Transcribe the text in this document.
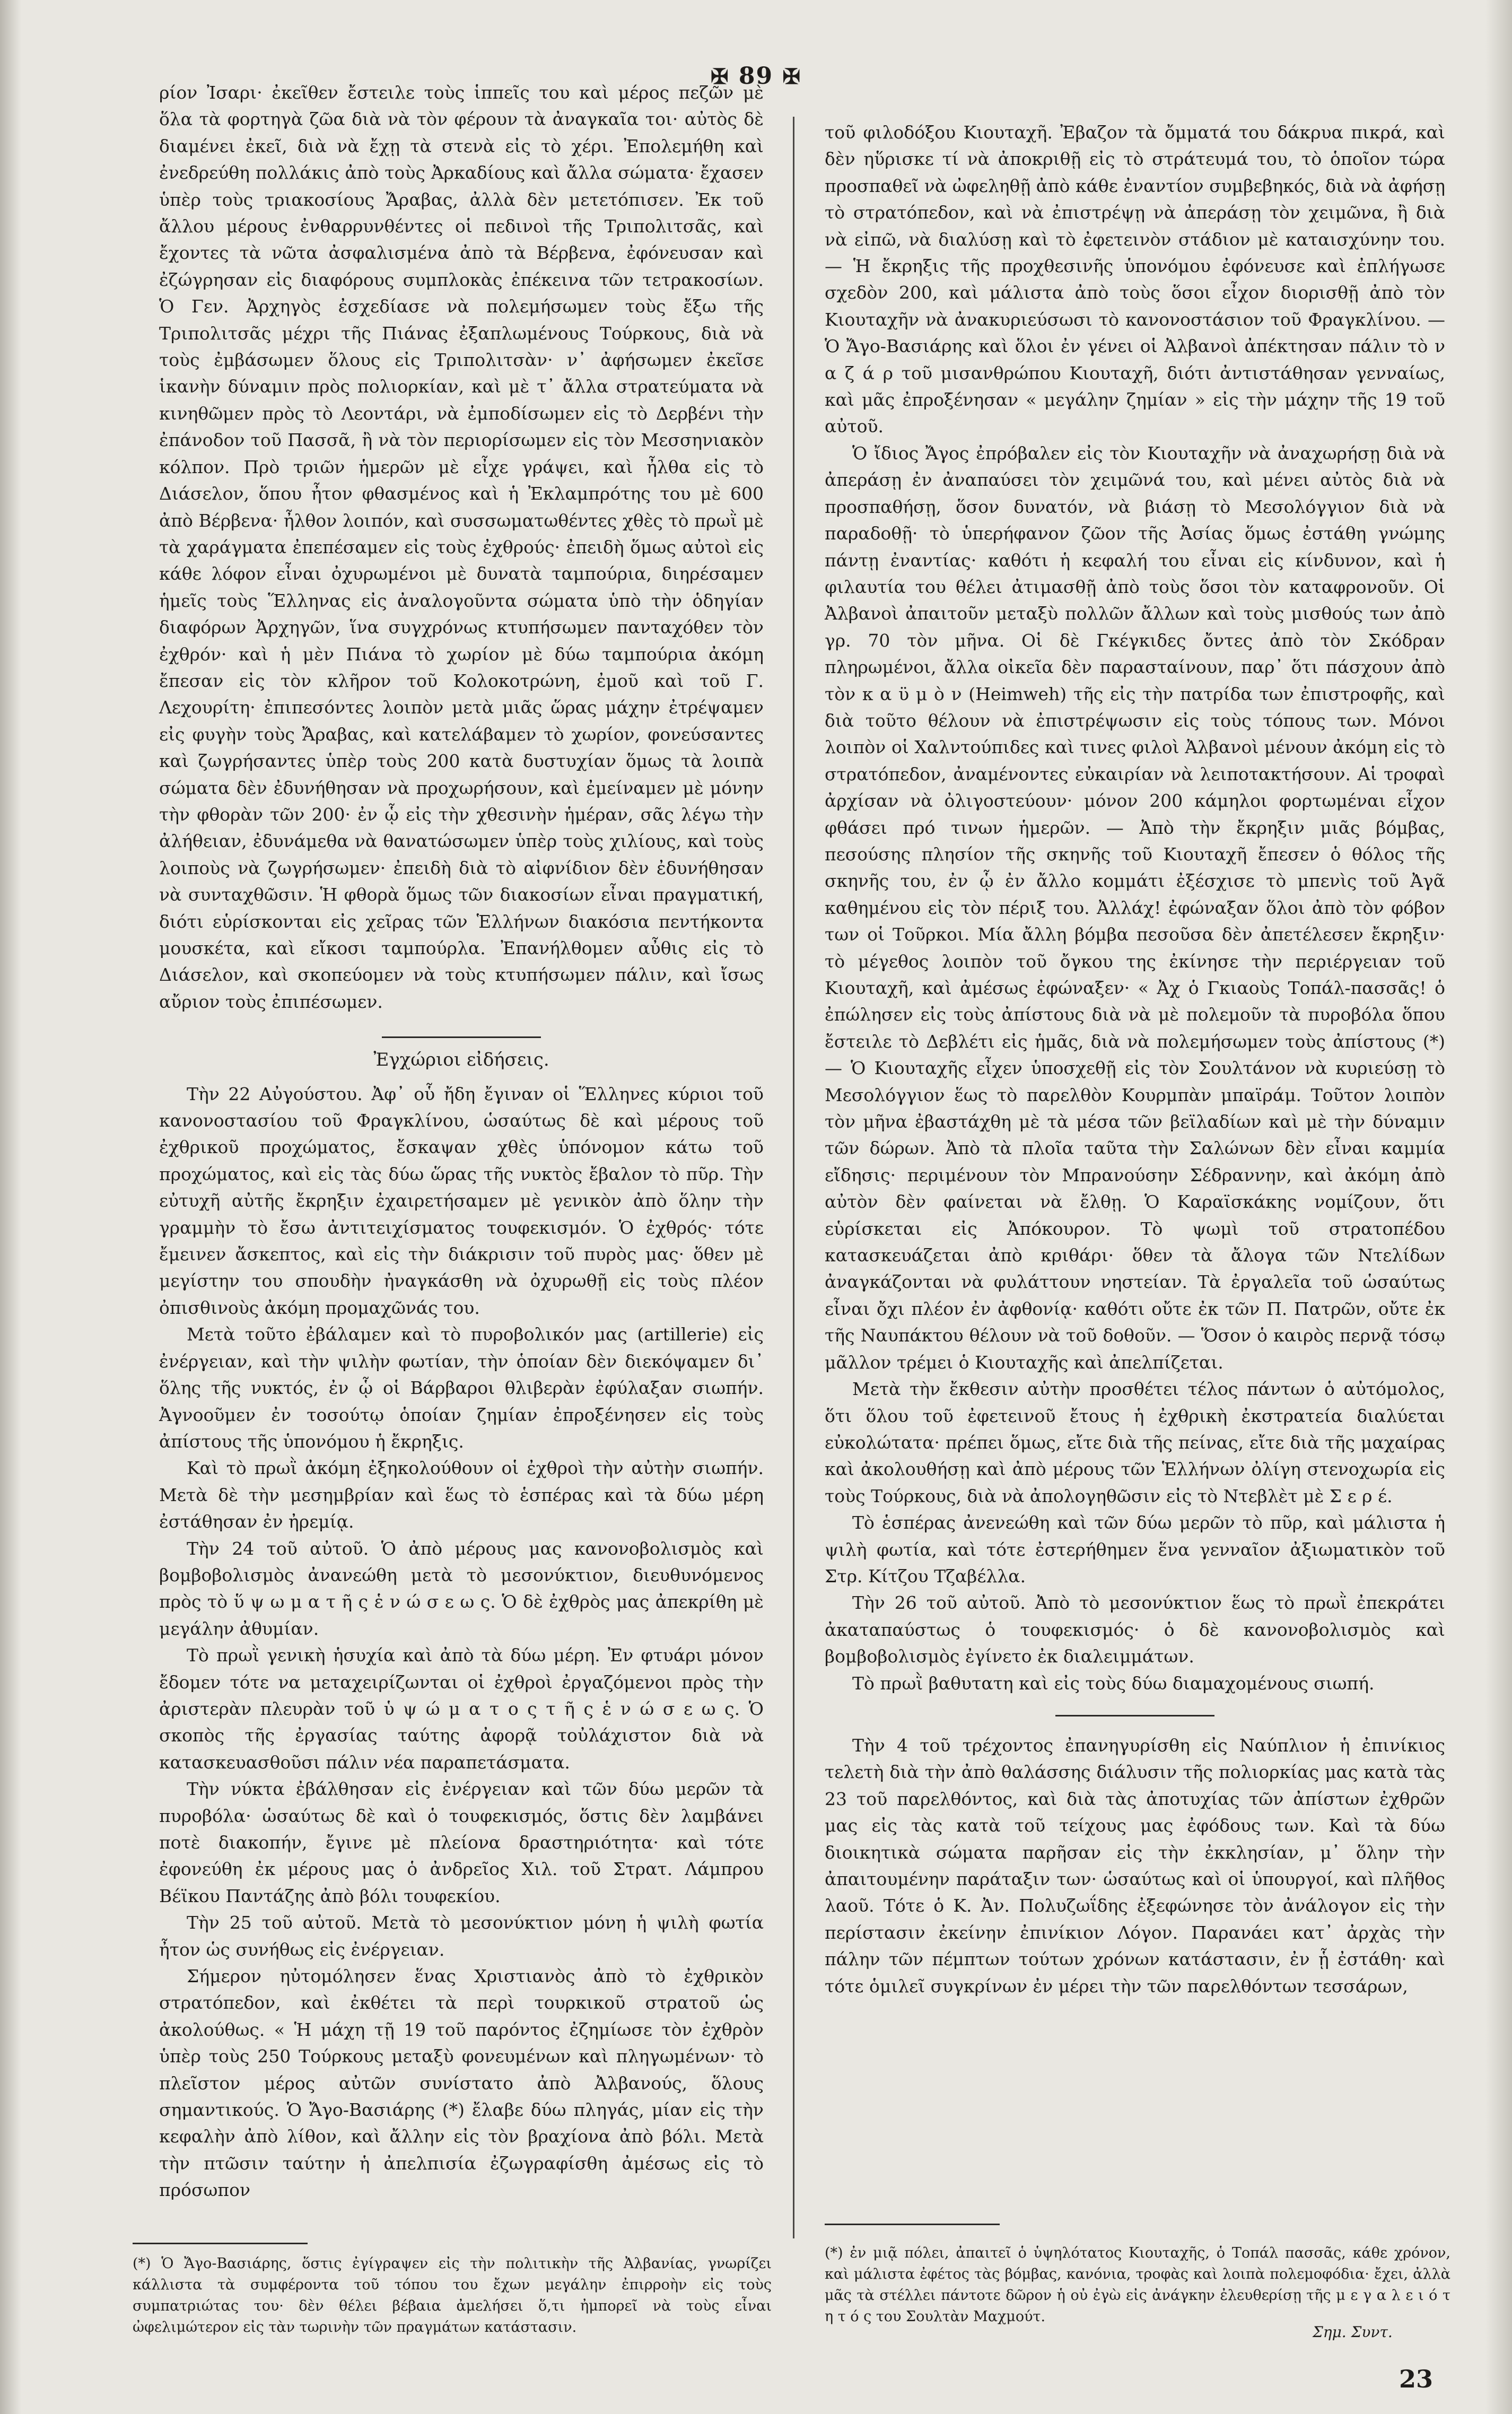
✠ 89 ✠

ρίον Ἰσαρι· ἐκεῖθεν ἔστειλε τοὺς ἱππεῖς του καὶ μέρος πεζῶν μὲ ὅλα τὰ φορτηγὰ ζῶα διὰ νὰ τὸν φέρουν τὰ ἀναγκαῖα τοι· αὐτὸς δὲ διαμένει ἐκεῖ, διὰ νὰ ἔχῃ τὰ στενὰ εἰς τὸ χέρι. Ἐπολεμήθη καὶ ἐνεδρεύθη πολλάκις ἀπὸ τοὺς Ἀρκαδίους καὶ ἄλλα σώματα· ἔχασεν ὑπὲρ τοὺς τριακοσίους Ἄραβας, ἀλλὰ δὲν μετετόπισεν. Ἐκ τοῦ ἄλλου μέρους ἐνθαρρυνθέντες οἱ πεδινοὶ τῆς Τριπολιτσᾶς, καὶ ἔχοντες τὰ νῶτα ἀσφαλισμένα ἀπὸ τὰ Βέρβενα, ἐφόνευσαν καὶ ἐζώγρησαν εἰς διαφόρους συμπλοκὰς ἐπέκεινα τῶν τετρακοσίων. Ὁ Γεν. Ἀρχηγὸς ἐσχεδίασε νὰ πολεμήσωμεν τοὺς ἔξω τῆς Τριπολιτσᾶς μέχρι τῆς Πιάνας ἐξαπλωμένους Τούρκους, διὰ νὰ τοὺς ἐμβάσωμεν ὅλους εἰς Τριπολιτσὰν· ν᾽ ἀφήσωμεν ἐκεῖσε ἱκανὴν δύναμιν πρὸς πολιορκίαν, καὶ μὲ τ᾽ ἄλλα στρατεύματα νὰ κινηθῶμεν πρὸς τὸ Λεοντάρι, νὰ ἐμποδίσωμεν εἰς τὸ Δερβένι τὴν ἐπάνοδον τοῦ Πασσᾶ, ἢ νὰ τὸν περιορίσωμεν εἰς τὸν Μεσσηνιακὸν κόλπον. Πρὸ τριῶν ἡμερῶν μὲ εἶχε γράψει, καὶ ἦλθα εἰς τὸ Διάσελον, ὅπου ἦτον φθασμένος καὶ ἡ Ἐκλαμπρότης του μὲ 600 ἀπὸ Βέρβενα· ἦλθον λοιπόν, καὶ συσσωματωθέντες χθὲς τὸ πρωῒ μὲ τὰ χαράγματα ἐπεπέσαμεν εἰς τοὺς ἐχθρούς· ἐπειδὴ ὅμως αὐτοὶ εἰς κάθε λόφον εἶναι ὀχυρωμένοι μὲ δυνατὰ ταμπούρια, διηρέσαμεν ἡμεῖς τοὺς Ἕλληνας εἰς ἀναλογοῦντα σώματα ὑπὸ τὴν ὁδηγίαν διαφόρων Ἀρχηγῶν, ἵνα συγχρόνως κτυπήσωμεν πανταχόθεν τὸν ἐχθρόν· καὶ ἡ μὲν Πιάνα τὸ χωρίον μὲ δύω ταμπούρια ἀκόμη ἔπεσαν εἰς τὸν κλῆρον τοῦ Κολοκοτρώνη, ἐμοῦ καὶ τοῦ Γ. Λεχουρίτη· ἐπιπεσόντες λοιπὸν μετὰ μιᾶς ὥρας μάχην ἐτρέψαμεν εἰς φυγὴν τοὺς Ἄραβας, καὶ κατελάβαμεν τὸ χωρίον, φονεύσαντες καὶ ζωγρήσαντες ὑπὲρ τοὺς 200 κατὰ δυστυχίαν ὅμως τὰ λοιπὰ σώματα δὲν ἐδυνήθησαν νὰ προχωρήσουν, καὶ ἐμείναμεν μὲ μόνην τὴν φθορὰν τῶν 200· ἐν ᾧ εἰς τὴν χθεσινὴν ἡμέραν, σᾶς λέγω τὴν ἀλήθειαν, ἐδυνάμεθα νὰ θανατώσωμεν ὑπὲρ τοὺς χιλίους, καὶ τοὺς λοιποὺς νὰ ζωγρήσωμεν· ἐπειδὴ διὰ τὸ αἰφνίδιον δὲν ἐδυνήθησαν νὰ συνταχθῶσιν. Ἡ φθορὰ ὅμως τῶν διακοσίων εἶναι πραγματική, διότι εὑρίσκονται εἰς χεῖρας τῶν Ἑλλήνων διακόσια πεντήκοντα μουσκέτα, καὶ εἴκοσι ταμπούρλα. Ἐπανήλθομεν αὖθις εἰς τὸ Διάσελον, καὶ σκοπεύομεν νὰ τοὺς κτυπήσωμεν πάλιν, καὶ ἴσως αὔριον τοὺς ἐπιπέσωμεν.

Ἐγχώριοι εἰδήσεις.

Τὴν 22 Αὐγούστου. Ἀφ᾽ οὗ ἤδη ἔγιναν οἱ Ἕλληνες κύριοι τοῦ κανονοστασίου τοῦ Φραγκλίνου, ὡσαύτως δὲ καὶ μέρους τοῦ ἐχθρικοῦ προχώματος, ἔσκαψαν χθὲς ὑπόνομον κάτω τοῦ προχώματος, καὶ εἰς τὰς δύω ὥρας τῆς νυκτὸς ἔβαλον τὸ πῦρ. Τὴν εὐτυχῆ αὐτῆς ἔκρηξιν ἐχαιρετήσαμεν μὲ γενικὸν ἀπὸ ὅλην τὴν γραμμὴν τὸ ἔσω ἀντιτειχίσματος τουφεκισμόν. Ὁ ἐχθρός· τότε ἔμεινεν ἄσκεπτος, καὶ εἰς τὴν διάκρισιν τοῦ πυρὸς μας· ὅθεν μὲ μεγίστην του σπουδὴν ἠναγκάσθη νὰ ὀχυρωθῇ εἰς τοὺς πλέον ὀπισθινοὺς ἀκόμη προμαχῶνάς του.

Μετὰ τοῦτο ἐβάλαμεν καὶ τὸ πυροβολικόν μας (artillerie) εἰς ἐνέργειαν, καὶ τὴν ψιλὴν φωτίαν, τὴν ὁποίαν δὲν διεκόψαμεν δι᾽ ὅλης τῆς νυκτός, ἐν ᾧ οἱ Βάρβαροι θλιβερὰν ἐφύλαξαν σιωπήν. Ἀγνοοῦμεν ἐν τοσούτῳ ὁποίαν ζημίαν ἐπροξένησεν εἰς τοὺς ἀπίστους τῆς ὑπονόμου ἡ ἔκρηξις.

Καὶ τὸ πρωῒ ἀκόμη ἐξηκολούθουν οἱ ἐχθροὶ τὴν αὐτὴν σιωπήν. Μετὰ δὲ τὴν μεσημβρίαν καὶ ἕως τὸ ἑσπέρας καὶ τὰ δύω μέρη ἐστάθησαν ἐν ἠρεμίᾳ.

Τὴν 24 τοῦ αὐτοῦ. Ὁ ἀπὸ μέρους μας κανονοβολισμὸς καὶ βομβοβολισμὸς ἀνανεώθη μετὰ τὸ μεσονύκτιον, διευθυνόμενος πρὸς τὸ ὕ ψ ω μ α τ ῆ ς ἑ ν ώ σ ε ω ς. Ὁ δὲ ἐχθρὸς μας ἀπεκρίθη μὲ μεγάλην ἀθυμίαν.

Τὸ πρωῒ γενικὴ ἡσυχία καὶ ἀπὸ τὰ δύω μέρη. Ἐν φτυάρι μόνον ἔδομεν τότε να μεταχειρίζωνται οἱ ἐχθροὶ ἐργαζόμενοι πρὸς τὴν ἀριστερὰν πλευρὰν τοῦ ὑ ψ ώ μ α τ ο ς τ ῆ ς ἑ ν ώ σ ε ω ς. Ὁ σκοπὸς τῆς ἐργασίας ταύτης ἀφορᾷ τοὐλάχιστον διὰ νὰ κατασκευασθοῦσι πάλιν νέα παραπετάσματα.

Τὴν νύκτα ἐβάλθησαν εἰς ἐνέργειαν καὶ τῶν δύω μερῶν τὰ πυροβόλα· ὡσαύτως δὲ καὶ ὁ τουφεκισμός, ὅστις δὲν λαμβάνει ποτὲ διακοπήν, ἔγινε μὲ πλείονα δραστηριότητα· καὶ τότε ἐφονεύθη ἐκ μέρους μας ὁ ἀνδρεῖος Χιλ. τοῦ Στρατ. Λάμπρου Βέϊκου Παντάζης ἀπὸ βόλι τουφεκίου.

Τὴν 25 τοῦ αὐτοῦ. Μετὰ τὸ μεσονύκτιον μόνη ἡ ψιλὴ φωτία ἦτον ὡς συνήθως εἰς ἐνέργειαν.

Σήμερον ηὐτομόλησεν ἕνας Χριστιανὸς ἀπὸ τὸ ἐχθρικὸν στρατόπεδον, καὶ ἐκθέτει τὰ περὶ τουρκικοῦ στρατοῦ ὡς ἀκολούθως. « Ἡ μάχη τῇ 19 τοῦ παρόντος ἐζημίωσε τὸν ἐχθρὸν ὑπὲρ τοὺς 250 Τούρκους μεταξὺ φονευμένων καὶ πληγωμένων· τὸ πλεῖστον μέρος αὐτῶν συνίστατο ἀπὸ Ἀλβανούς, ὅλους σημαντικούς. Ὁ Ἄγο-Βασιάρης (*) ἔλαβε δύω πληγάς, μίαν εἰς τὴν κεφαλὴν ἀπὸ λίθον, καὶ ἄλλην εἰς τὸν βραχίονα ἀπὸ βόλι. Μετὰ τὴν πτῶσιν ταύτην ἡ ἀπελπισία ἐζωγραφίσθη ἀμέσως εἰς τὸ πρόσωπον

τοῦ φιλοδόξου Κιουταχῆ. Ἐβαζον τὰ ὄμματά του δάκρυα πικρά, καὶ δὲν ηὕρισκε τί νὰ ἀποκριθῇ εἰς τὸ στράτευμά του, τὸ ὁποῖον τώρα προσπαθεῖ νὰ ὠφεληθῇ ἀπὸ κάθε ἐναντίον συμβεβηκός, διὰ νὰ ἀφήσῃ τὸ στρατόπεδον, καὶ νὰ ἐπιστρέψῃ νὰ ἀπεράσῃ τὸν χειμῶνα, ἢ διὰ νὰ εἰπῶ, νὰ διαλύσῃ καὶ τὸ ἐφετεινὸν στάδιον μὲ καταισχύνην του. — Ἡ ἔκρηξις τῆς προχθεσινῆς ὑπονόμου ἐφόνευσε καὶ ἐπλήγωσε σχεδὸν 200, καὶ μάλιστα ἀπὸ τοὺς ὅσοι εἶχον διορισθῇ ἀπὸ τὸν Κιουταχῆν νὰ ἀνακυριεύσωσι τὸ κανονοστάσιον τοῦ Φραγκλίνου. — Ὁ Ἄγο-Βασιάρης καὶ ὅλοι ἐν γένει οἱ Ἀλβανοὶ ἀπέκτησαν πάλιν τὸ ν α ζ ά ρ τοῦ μισανθρώπου Κιουταχῆ, διότι ἀντιστάθησαν γενναίως, καὶ μᾶς ἐπροξένησαν « μεγάλην ζημίαν » εἰς τὴν μάχην τῆς 19 τοῦ αὐτοῦ.

Ὁ ἴδιος Ἄγος ἐπρόβαλεν εἰς τὸν Κιουταχῆν νὰ ἀναχωρήσῃ διὰ νὰ ἀπεράσῃ ἐν ἀναπαύσει τὸν χειμῶνά του, καὶ μένει αὐτὸς διὰ νὰ προσπαθήσῃ, ὅσον δυνατόν, νὰ βιάσῃ τὸ Μεσολόγγιον διὰ νὰ παραδοθῇ· τὸ ὑπερήφανον ζῶον τῆς Ἀσίας ὅμως ἐστάθη γνώμης πάντῃ ἐναντίας· καθότι ἡ κεφαλή του εἶναι εἰς κίνδυνον, καὶ ἡ φιλαυτία του θέλει ἀτιμασθῇ ἀπὸ τοὺς ὅσοι τὸν καταφρονοῦν. Οἱ Ἀλβανοὶ ἀπαιτοῦν μεταξὺ πολλῶν ἄλλων καὶ τοὺς μισθούς των ἀπὸ γρ. 70 τὸν μῆνα. Οἱ δὲ Γκέγκιδες ὄντες ἀπὸ τὸν Σκόδραν πληρωμένοι, ἄλλα οἰκεῖα δὲν παρασταίνουν, παρ᾽ ὅτι πάσχουν ἀπὸ τὸν κ α ϋ μ ὸ ν (Heimweh) τῆς εἰς τὴν πατρίδα των ἐπιστροφῆς, καὶ διὰ τοῦτο θέλουν νὰ ἐπιστρέψωσιν εἰς τοὺς τόπους των. Μόνοι λοιπὸν οἱ Χαλντούπιδες καὶ τινες φιλοὶ Ἀλβανοὶ μένουν ἀκόμη εἰς τὸ στρατόπεδον, ἀναμένοντες εὐκαιρίαν νὰ λειποτακτήσουν. Αἱ τροφαὶ ἀρχίσαν νὰ ὀλιγοστεύουν· μόνον 200 κάμηλοι φορτωμέναι εἶχον φθάσει πρό τινων ἡμερῶν. — Ἀπὸ τὴν ἔκρηξιν μιᾶς βόμβας, πεσούσης πλησίον τῆς σκηνῆς τοῦ Κιουταχῆ ἔπεσεν ὁ θόλος τῆς σκηνῆς του, ἐν ᾧ ἐν ἄλλο κομμάτι ἐξέσχισε τὸ μπενὶς τοῦ Ἀγᾶ καθημένου εἰς τὸν πέριξ του. Ἀλλάχ! ἐφώναξαν ὅλοι ἀπὸ τὸν φόβον των οἱ Τοῦρκοι. Μία ἄλλη βόμβα πεσοῦσα δὲν ἀπετέλεσεν ἔκρηξιν· τὸ μέγεθος λοιπὸν τοῦ ὄγκου της ἐκίνησε τὴν περιέργειαν τοῦ Κιουταχῆ, καὶ ἀμέσως ἐφώναξεν· « Ἀχ ὁ Γκιαοὺς Τοπάλ-πασσᾶς! ὁ ἐπώλησεν εἰς τοὺς ἀπίστους διὰ νὰ μὲ πολεμοῦν τὰ πυροβόλα ὅπου ἔστειλε τὸ Δεβλέτι εἰς ἡμᾶς, διὰ νὰ πολεμήσωμεν τοὺς ἀπίστους (*) — Ὁ Κιουταχῆς εἶχεν ὑποσχεθῇ εἰς τὸν Σουλτάνον νὰ κυριεύσῃ τὸ Μεσολόγγιον ἕως τὸ παρελθὸν Κουρμπὰν μπαϊράμ. Τοῦτον λοιπὸν τὸν μῆνα ἐβαστάχθη μὲ τὰ μέσα τῶν βεϊλαδίων καὶ μὲ τὴν δύναμιν τῶν δώρων. Ἀπὸ τὰ πλοῖα ταῦτα τὴν Σαλώνων δὲν εἶναι καμμία εἴδησις· περιμένουν τὸν Μπρανούσην Σέδραννην, καὶ ἀκόμη ἀπὸ αὐτὸν δὲν φαίνεται νὰ ἔλθῃ. Ὁ Καραϊσκάκης νομίζουν, ὅτι εὑρίσκεται εἰς Ἀπόκουρον. Τὸ ψωμὶ τοῦ στρατοπέδου κατασκευάζεται ἀπὸ κριθάρι· ὅθεν τὰ ἄλογα τῶν Ντελίδων ἀναγκάζονται νὰ φυλάττουν νηστείαν. Τὰ ἐργαλεῖα τοῦ ὡσαύτως εἶναι ὄχι πλέον ἐν ἀφθονίᾳ· καθότι οὔτε ἐκ τῶν Π. Πατρῶν, οὔτε ἐκ τῆς Ναυπάκτου θέλουν νὰ τοῦ δοθοῦν. — Ὅσον ὁ καιρὸς περνᾷ τόσῳ μᾶλλον τρέμει ὁ Κιουταχῆς καὶ ἀπελπίζεται.

Μετὰ τὴν ἔκθεσιν αὐτὴν προσθέτει τέλος πάντων ὁ αὐτόμολος, ὅτι ὅλου τοῦ ἐφετεινοῦ ἔτους ἡ ἐχθρικὴ ἐκστρατεία διαλύεται εὐκολώτατα· πρέπει ὅμως, εἴτε διὰ τῆς πείνας, εἴτε διὰ τῆς μαχαίρας καὶ ἀκολουθήσῃ καὶ ἀπὸ μέρους τῶν Ἑλλήνων ὀλίγη στενοχωρία εἰς τοὺς Τούρκους, διὰ νὰ ἀπολογηθῶσιν εἰς τὸ Ντεβλὲτ μὲ Σ ε ρ έ.

Τὸ ἑσπέρας ἀνενεώθη καὶ τῶν δύω μερῶν τὸ πῦρ, καὶ μάλιστα ἡ ψιλὴ φωτία, καὶ τότε ἐστερήθημεν ἕνα γενναῖον ἀξιωματικὸν τοῦ Στρ. Κίτζου Τζαβέλλα.

Τὴν 26 τοῦ αὐτοῦ. Ἀπὸ τὸ μεσονύκτιον ἕως τὸ πρωῒ ἐπεκράτει ἀκαταπαύστως ὁ τουφεκισμός· ὁ δὲ κανονοβολισμὸς καὶ βομβοβολισμὸς ἐγίνετο ἐκ διαλειμμάτων.

Τὸ πρωῒ βαθυτατη καὶ εἰς τοὺς δύω διαμαχομένους σιωπή.

Τὴν 4 τοῦ τρέχοντος ἐπανηγυρίσθη εἰς Ναύπλιον ἡ ἐπινίκιος τελετὴ διὰ τὴν ἀπὸ θαλάσσης διάλυσιν τῆς πολιορκίας μας κατὰ τὰς 23 τοῦ παρελθόντος, καὶ διὰ τὰς ἀποτυχίας τῶν ἀπίστων ἐχθρῶν μας εἰς τὰς κατὰ τοῦ τείχους μας ἐφόδους των. Καὶ τὰ δύω διοικητικὰ σώματα παρῆσαν εἰς τὴν ἐκκλησίαν, μ᾽ ὅλην τὴν ἀπαιτουμένην παράταξιν των· ὡσαύτως καὶ οἱ ὑπουργοί, καὶ πλῆθος λαοῦ. Τότε ὁ Κ. Ἀν. Πολυζωΐδης ἐξεφώνησε τὸν ἀνάλογον εἰς τὴν περίστασιν ἐκείνην ἐπινίκιον Λόγον. Παρανάει κατ᾽ ἀρχὰς τὴν πάλην τῶν πέμπτων τούτων χρόνων κατάστασιν, ἐν ᾗ ἐστάθη· καὶ τότε ὁμιλεῖ συγκρίνων ἐν μέρει τὴν τῶν παρελθόντων τεσσάρων,

(*) Ὁ Ἄγο-Βασιάρης, ὅστις ἐγίγραψεν εἰς τὴν πολιτικὴν τῆς Ἀλβανίας, γνωρίζει κάλλιστα τὰ συμφέροντα τοῦ τόπου του ἔχων μεγάλην ἐπιρροὴν εἰς τοὺς συμπατριώτας του· δὲν θέλει βέβαια ἀμελήσει ὅ,τι ἠμπορεῖ νὰ τοὺς εἶναι ὠφελιμώτερον εἰς τὰν τωρινὴν τῶν πραγμάτων κατάστασιν.
(*) ἐν μιᾷ πόλει, ἀπαιτεῖ ὁ ὑψηλότατος Κιουταχῆς, ὁ Τοπάλ πασσᾶς, κάθε χρόνον, καὶ μάλιστα ἐφέτος τὰς βόμβας, κανόνια, τροφὰς καὶ λοιπὰ πολεμοφόδια· ἔχει, ἀλλὰ μᾶς τὰ στέλλει πάντοτε δῶρον ἡ οὐ ἐγὼ εἰς ἀνάγκην ἐλευθερίσῃ τῆς μ ε γ α λ ε ι ό τ η τ ό ς του Σουλτὰν Μαχμούτ.
Σημ. Συντ.
23
